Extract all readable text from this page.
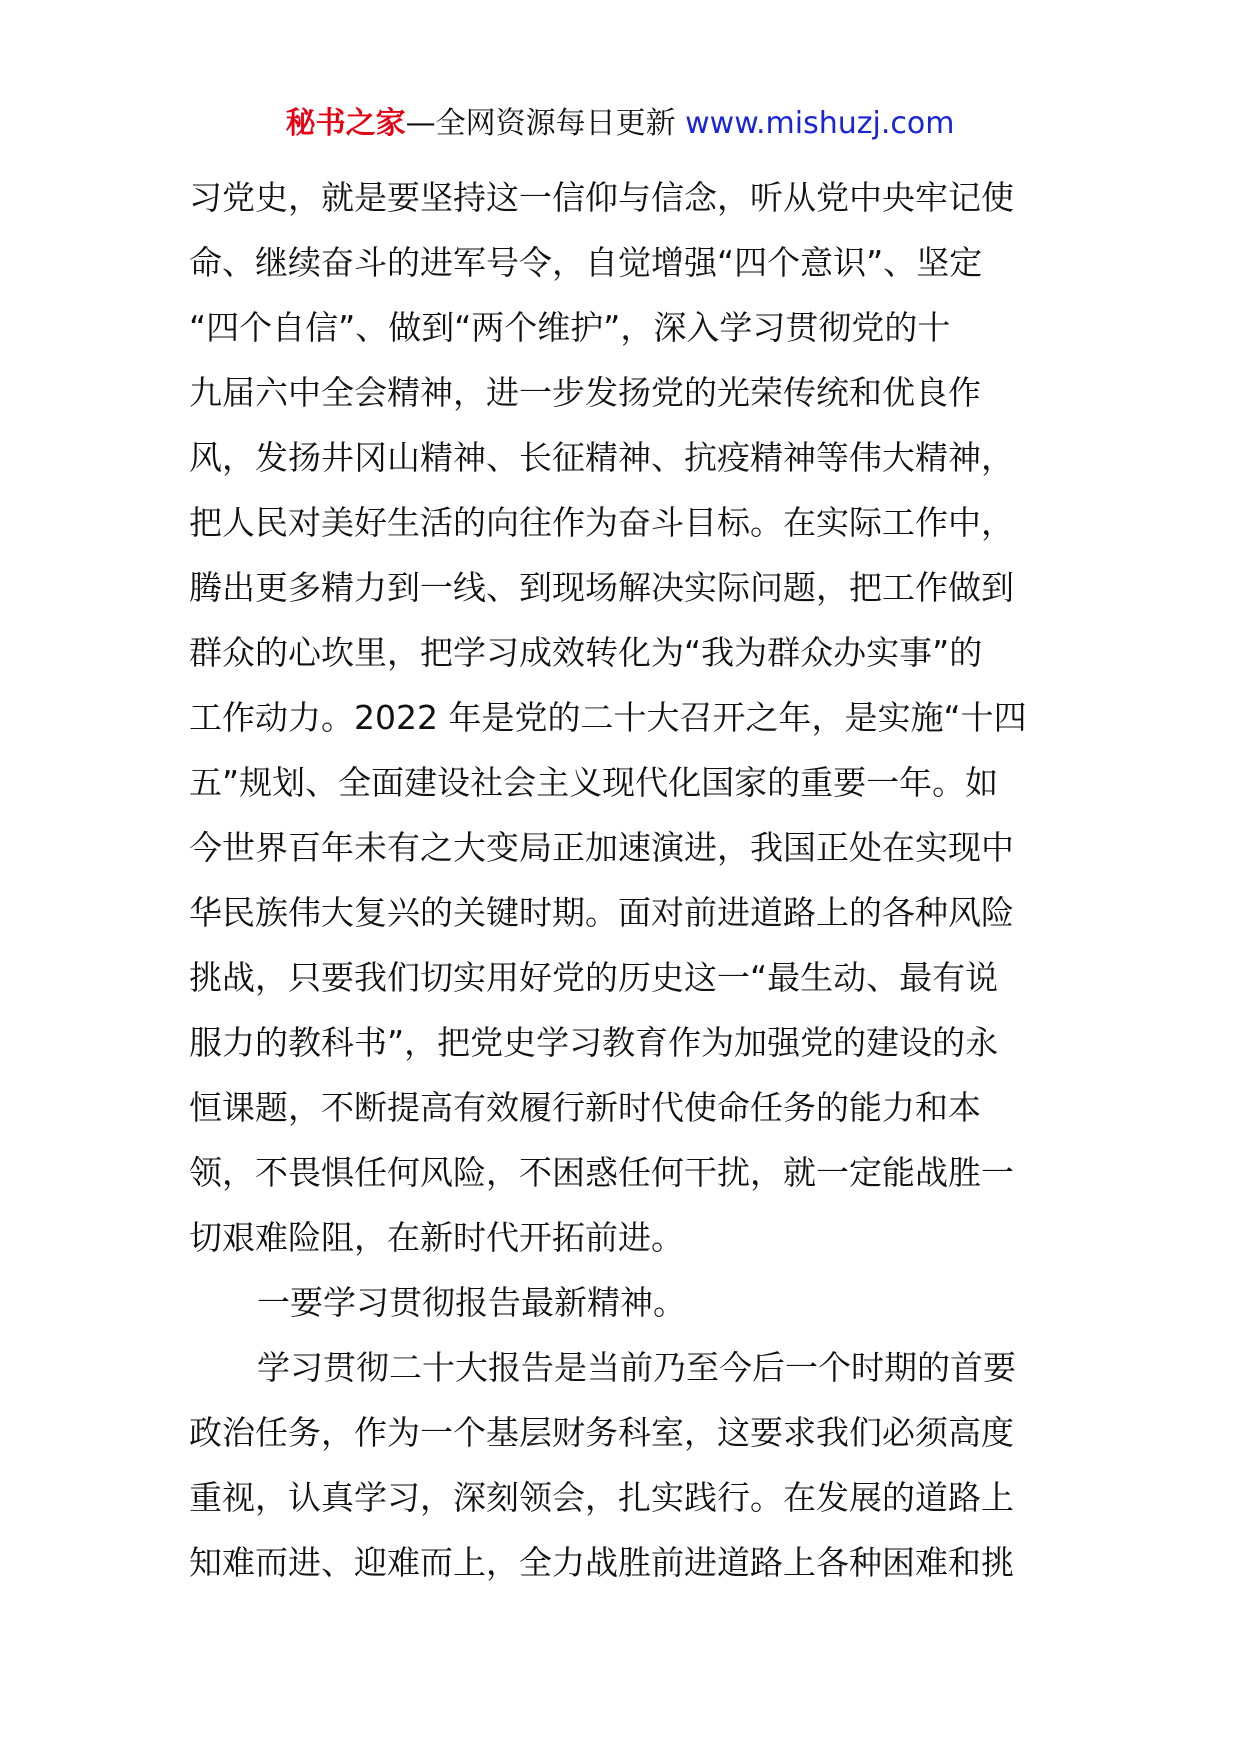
秘书之家—全网资源每日更新 www.mishuzj.com
习党史，就是要坚持这一信仰与信念，听从党中央牢记使
命、继续奋斗的进军号令，自觉增强“四个意识”、坚定
“四个自信”、做到“两个维护”，深入学习贯彻党的十
九届六中全会精神，进一步发扬党的光荣传统和优良作
风，发扬井冈山精神、长征精神、抗疫精神等伟大精神，
把人民对美好生活的向往作为奋斗目标。在实际工作中，
腾出更多精力到一线、到现场解决实际问题，把工作做到
群众的心坎里，把学习成效转化为“我为群众办实事”的
工作动力。2022 年是党的二十大召开之年，是实施“十四
五”规划、全面建设社会主义现代化国家的重要一年。如
今世界百年未有之大变局正加速演进，我国正处在实现中
华民族伟大复兴的关键时期。面对前进道路上的各种风险
挑战，只要我们切实用好党的历史这一“最生动、最有说
服力的教科书”，把党史学习教育作为加强党的建设的永
恒课题，不断提高有效履行新时代使命任务的能力和本
领，不畏惧任何风险，不困惑任何干扰，就一定能战胜一
切艰难险阻，在新时代开拓前进。
一要学习贯彻报告最新精神。
学习贯彻二十大报告是当前乃至今后一个时期的首要
政治任务，作为一个基层财务科室，这要求我们必须高度
重视，认真学习，深刻领会，扎实践行。在发展的道路上
知难而进、迎难而上，全力战胜前进道路上各种困难和挑
